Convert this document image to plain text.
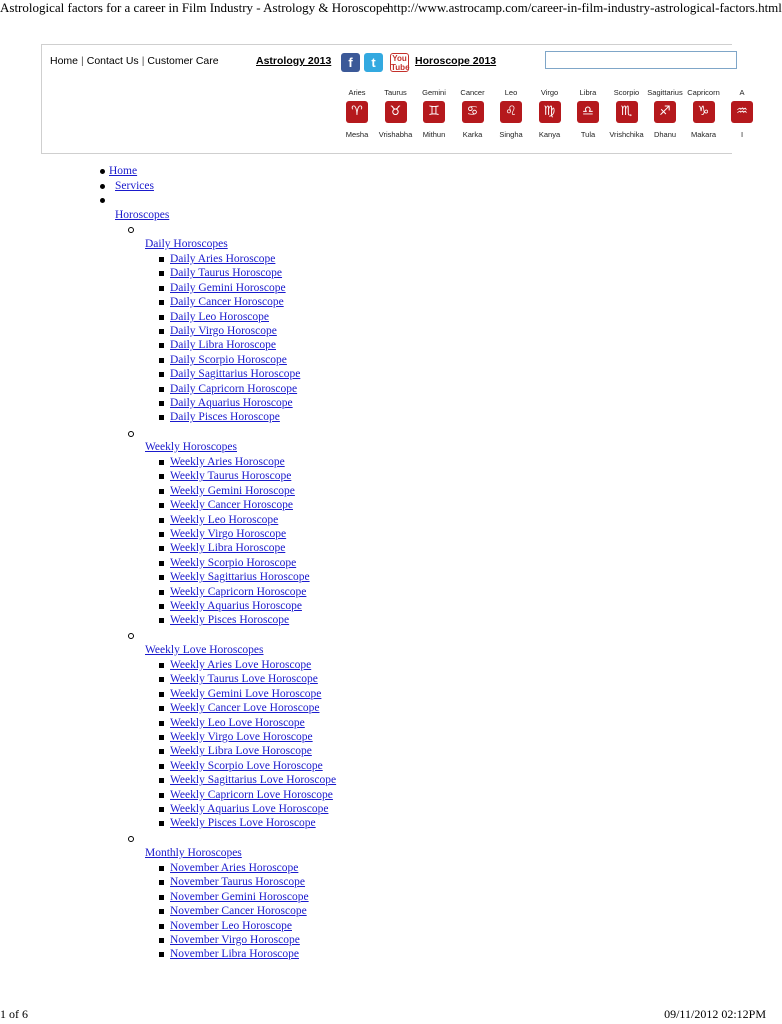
Astrological factors for a career in Film Industry - Astrology & Horoscope
http://www.astrocamp.com/career-in-film-industry-astrological-factors.html
Home | Contact Us | Customer Care	Astrology 2013	f	t	You Tube
Horoscope 2013
Aries
♈
Mesha
Taurus
♉
Vrishabha
Gemini
♊
Mithun
Cancer
♋
Karka
Leo
♌
Singha
Virgo
♍
Kanya
Libra
♎
Tula
Scorpio
♏
Vrishchika
Sagittarius
♐
Dhanu
Capricorn
♑
Makara
A
♒
I
Home
Services
Horoscopes
Daily Horoscopes
Daily Aries Horoscope
Daily Taurus Horoscope
Daily Gemini Horoscope
Daily Cancer Horoscope
Daily Leo Horoscope
Daily Virgo Horoscope
Daily Libra Horoscope
Daily Scorpio Horoscope
Daily Sagittarius Horoscope
Daily Capricorn Horoscope
Daily Aquarius Horoscope
Daily Pisces Horoscope
Weekly Horoscopes
Weekly Aries Horoscope
Weekly Taurus Horoscope
Weekly Gemini Horoscope
Weekly Cancer Horoscope
Weekly Leo Horoscope
Weekly Virgo Horoscope
Weekly Libra Horoscope
Weekly Scorpio Horoscope
Weekly Sagittarius Horoscope
Weekly Capricorn Horoscope
Weekly Aquarius Horoscope
Weekly Pisces Horoscope
Weekly Love Horoscopes
Weekly Aries Love Horoscope
Weekly Taurus Love Horoscope
Weekly Gemini Love Horoscope
Weekly Cancer Love Horoscope
Weekly Leo Love Horoscope
Weekly Virgo Love Horoscope
Weekly Libra Love Horoscope
Weekly Scorpio Love Horoscope
Weekly Sagittarius Love Horoscope
Weekly Capricorn Love Horoscope
Weekly Aquarius Love Horoscope
Weekly Pisces Love Horoscope
Monthly Horoscopes
November Aries Horoscope
November Taurus Horoscope
November Gemini Horoscope
November Cancer Horoscope
November Leo Horoscope
November Virgo Horoscope
November Libra Horoscope
1 of 6	09/11/2012 02:12PM
